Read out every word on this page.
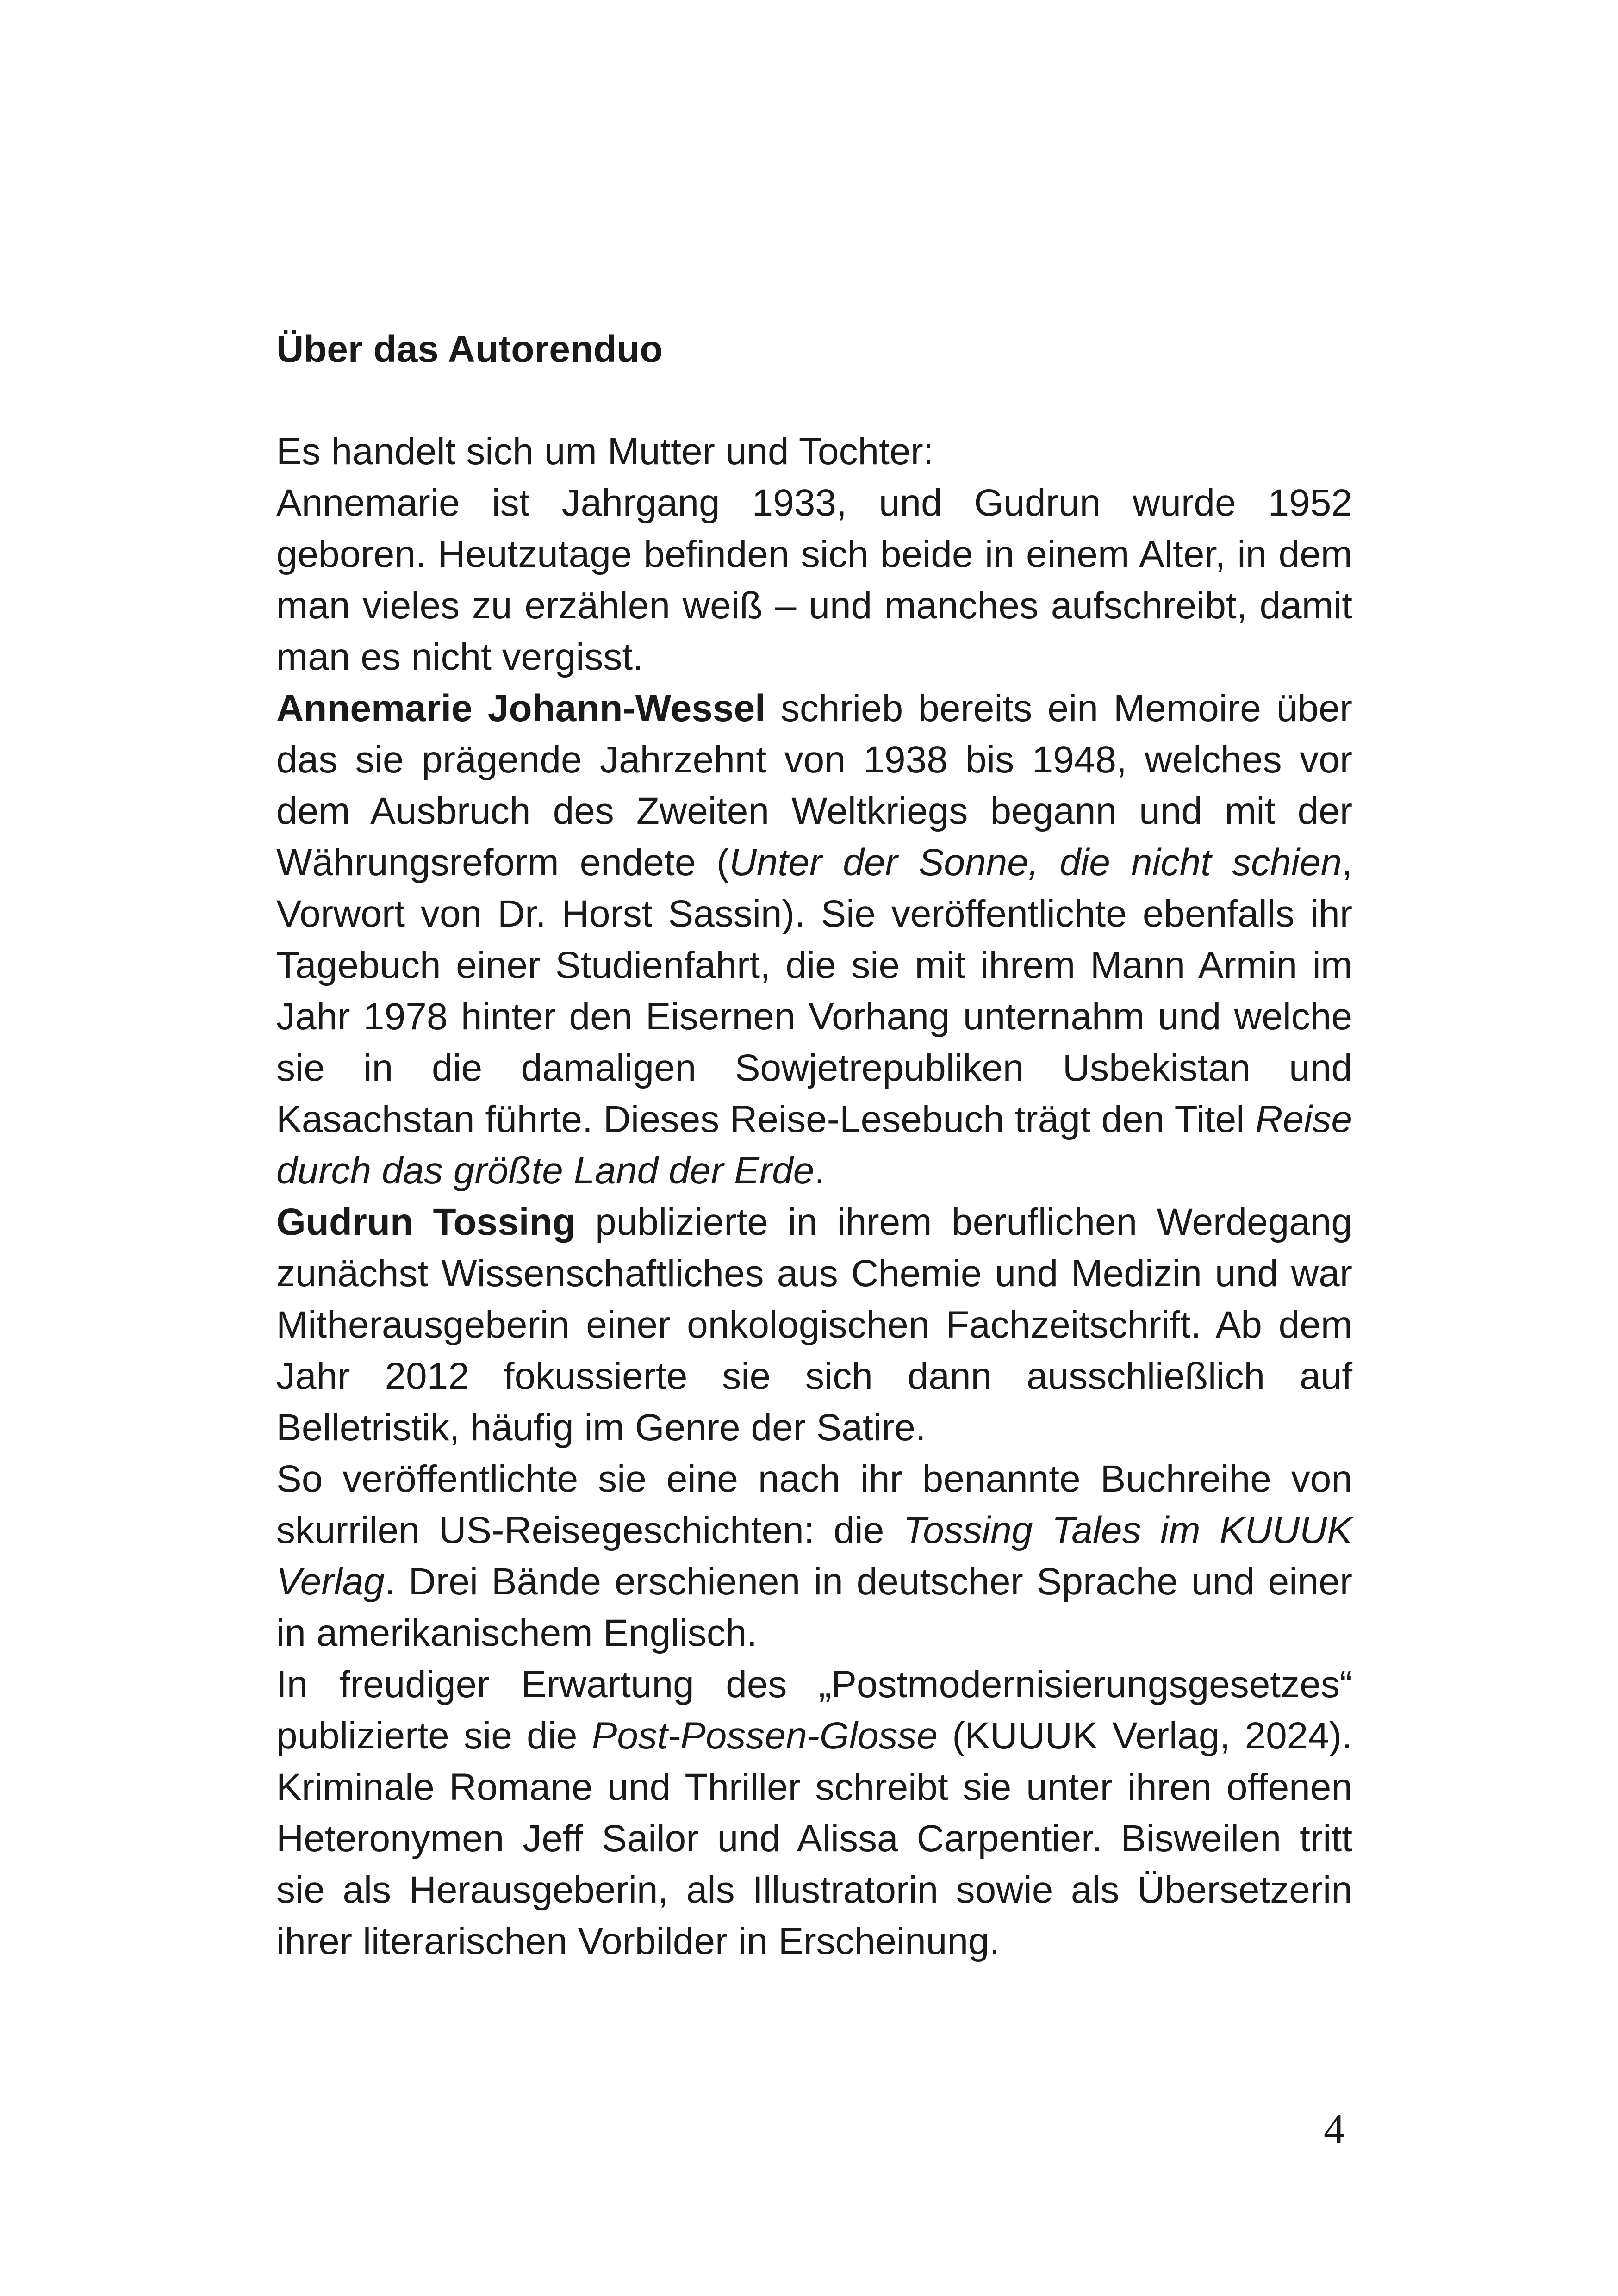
Über das Autorenduo

Es handelt sich um Mutter und Tochter:

Annemarie ist Jahrgang 1933, und Gudrun wurde 1952 geboren. Heutzutage befinden sich beide in einem Alter, in dem man vieles zu erzählen weiß – und manches aufschreibt, damit man es nicht vergisst.

Annemarie Johann-Wessel schrieb bereits ein Memoire über das sie prägende Jahrzehnt von 1938 bis 1948, welches vor dem Ausbruch des Zweiten Weltkriegs begann und mit der Währungsreform endete (Unter der Sonne, die nicht schien, Vorwort von Dr. Horst Sassin). Sie veröffentlichte ebenfalls ihr Tagebuch einer Studienfahrt, die sie mit ihrem Mann Armin im Jahr 1978 hinter den Eisernen Vorhang unternahm und welche sie in die damaligen Sowjetrepubliken Usbekistan und Kasachstan führte. Dieses Reise-Lesebuch trägt den Titel Reise durch das größte Land der Erde.

Gudrun Tossing publizierte in ihrem beruflichen Werdegang zunächst Wissenschaftliches aus Chemie und Medizin und war Mitherausgeberin einer onkologischen Fachzeitschrift. Ab dem Jahr 2012 fokussierte sie sich dann ausschließlich auf Belletristik, häufig im Genre der Satire.

So veröffentlichte sie eine nach ihr benannte Buchreihe von skurrilen US-Reisegeschichten: die Tossing Tales im KUUUK Verlag. Drei Bände erschienen in deutscher Sprache und einer in amerikanischem Englisch.

In freudiger Erwartung des „Postmodernisierungsgesetzes“ publizierte sie die Post-Possen-Glosse (KUUUK Verlag, 2024). Kriminale Romane und Thriller schreibt sie unter ihren offenen Heteronymen Jeff Sailor und Alissa Carpentier. Bisweilen tritt sie als Herausgeberin, als Illustratorin sowie als Übersetzerin ihrer literarischen Vorbilder in Erscheinung.

4
